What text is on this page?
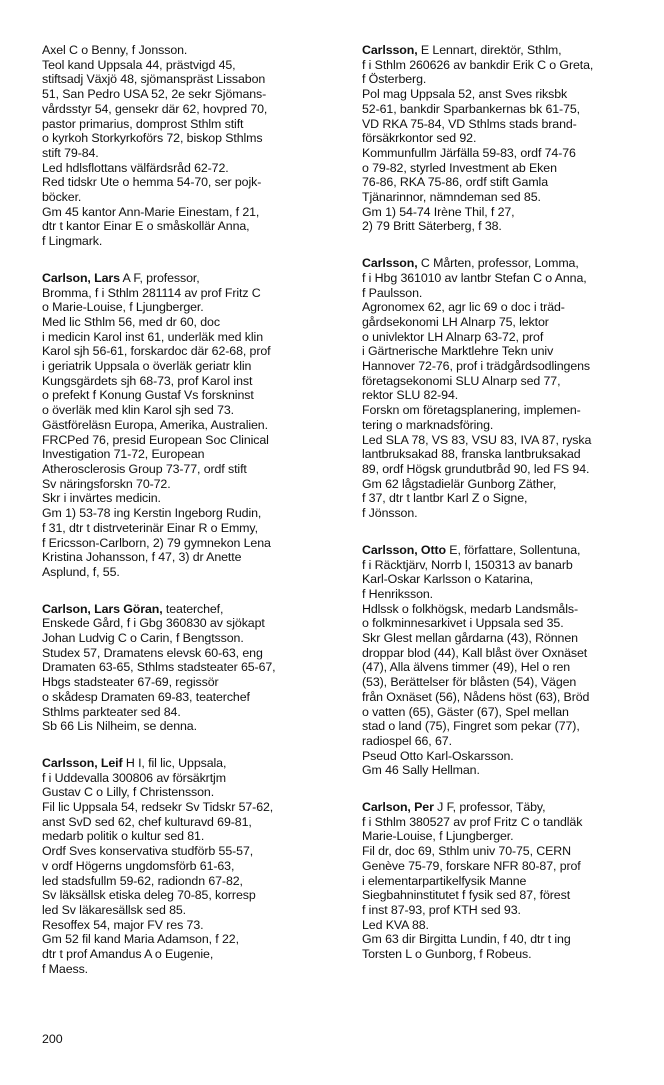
Axel C o Benny, f Jonsson.
Teol kand Uppsala 44, prästvigd 45,
stiftsadj Växjö 48, sjömanspräst Lissabon
51, San Pedro USA 52, 2e sekr Sjömans-
vårdsstyr 54, gensekr där 62, hovpred 70,
pastor primarius, domprost Sthlm stift
o kyrkoh Storkyrkoförs 72, biskop Sthlms
stift 79-84.
Led hdlsflottans välfärdsråd 62-72.
Red tidskr Ute o hemma 54-70, ser pojk-
böcker.
Gm 45 kantor Ann-Marie Einestam, f 21,
dtr t kantor Einar E o småskollär Anna,
f Lingmark.
Carlson, Lars A F, professor,
Bromma, f i Sthlm 281114 av prof Fritz C
o Marie-Louise, f Ljungberger.
Med lic Sthlm 56, med dr 60, doc
i medicin Karol inst 61, underläk med klin
Karol sjh 56-61, forskardoc där 62-68, prof
i geriatrik Uppsala o överläk geriatr klin
Kungsgärdets sjh 68-73, prof Karol inst
o prefekt f Konung Gustaf Vs forskninst
o överläk med klin Karol sjh sed 73.
Gästföreläsn Europa, Amerika, Australien.
FRCPed 76, presid European Soc Clinical
Investigation 71-72, European
Atherosclerosis Group 73-77, ordf stift
Sv näringsforskn 70-72.
Skr i invärtes medicin.
Gm 1) 53-78 ing Kerstin Ingeborg Rudin,
f 31, dtr t distrveterinär Einar R o Emmy,
f Ericsson-Carlborn, 2) 79 gymnekon Lena
Kristina Johansson, f 47, 3) dr Anette
Asplund, f, 55.
Carlson, Lars Göran, teaterchef,
Enskede Gård, f i Gbg 360830 av sjökapt
Johan Ludvig C o Carin, f Bengtsson.
Studex 57, Dramatens elevsk 60-63, eng
Dramaten 63-65, Sthlms stadsteater 65-67,
Hbgs stadsteater 67-69, regissör
o skådesp Dramaten 69-83, teaterchef
Sthlms parkteater sed 84.
Sb 66 Lis Nilheim, se denna.
Carlsson, Leif H I, fil lic, Uppsala,
f i Uddevalla 300806 av försäkrtjm
Gustav C o Lilly, f Christensson.
Fil lic Uppsala 54, redsekr Sv Tidskr 57-62,
anst SvD sed 62, chef kulturavd 69-81,
medarb politik o kultur sed 81.
Ordf Sves konservativa studförb 55-57,
v ordf Högerns ungdomsförb 61-63,
led stadsfullm 59-62, radiondn 67-82,
Sv läksällsk etiska deleg 70-85, korresp
led Sv läkaresällsk sed 85.
Resoffex 54, major FV res 73.
Gm 52 fil kand Maria Adamson, f 22,
dtr t prof Amandus A o Eugenie,
f Maess.
Carlsson, E Lennart, direktör, Sthlm,
f i Sthlm 260626 av bankdir Erik C o Greta,
f Österberg.
Pol mag Uppsala 52, anst Sves riksbk
52-61, bankdir Sparbankernas bk 61-75,
VD RKA 75-84, VD Sthlms stads brand-
försäkrkontor sed 92.
Kommunfullm Järfälla 59-83, ordf 74-76
o 79-82, styrled Investment ab Eken
76-86, RKA 75-86, ordf stift Gamla
Tjänarinnor, nämndeman sed 85.
Gm 1) 54-74 Irène Thil, f 27,
2) 79 Britt Säterberg, f 38.
Carlsson, C Mårten, professor, Lomma,
f i Hbg 361010 av lantbr Stefan C o Anna,
f Paulsson.
Agronomex 62, agr lic 69 o doc i träd-
gårdsekonomi LH Alnarp 75, lektor
o univlektor LH Alnarp 63-72, prof
i Gärtnerische Marktlehre Tekn univ
Hannover 72-76, prof i trädgårdsodlingens
företagsekonomi SLU Alnarp sed 77,
rektor SLU 82-94.
Forskn om företagsplanering, implemen-
tering o marknadsföring.
Led SLA 78, VS 83, VSU 83, IVA 87, ryska
lantbruksakad 88, franska lantbruksakad
89, ordf Högsk grundutbråd 90, led FS 94.
Gm 62 lågstadielär Gunborg Zäther,
f 37, dtr t lantbr Karl Z o Signe,
f Jönsson.
Carlsson, Otto E, författare, Sollentuna,
f i Räcktjärv, Norrb l, 150313 av banarb
Karl-Oskar Karlsson o Katarina,
f Henriksson.
Hdlssk o folkhögsk, medarb Landsmåls-
o folkminnesarkivet i Uppsala sed 35.
Skr Glest mellan gårdarna (43), Rönnen
droppar blod (44), Kall blåst över Oxnäset
(47), Alla älvens timmer (49), Hel o ren
(53), Berättelser för blåsten (54), Vägen
från Oxnäset (56), Nådens höst (63), Bröd
o vatten (65), Gäster (67), Spel mellan
stad o land (75), Fingret som pekar (77),
radiospel 66, 67.
Pseud Otto Karl-Oskarsson.
Gm 46 Sally Hellman.
Carlson, Per J F, professor, Täby,
f i Sthlm 380527 av prof Fritz C o tandläk
Marie-Louise, f Ljungberger.
Fil dr, doc 69, Sthlm univ 70-75, CERN
Genève 75-79, forskare NFR 80-87, prof
i elementarpartikelfysik Manne
Siegbahninstitutet f fysik sed 87, förest
f inst 87-93, prof KTH sed 93.
Led KVA 88.
Gm 63 dir Birgitta Lundin, f 40, dtr t ing
Torsten L o Gunborg, f Robeus.
200
